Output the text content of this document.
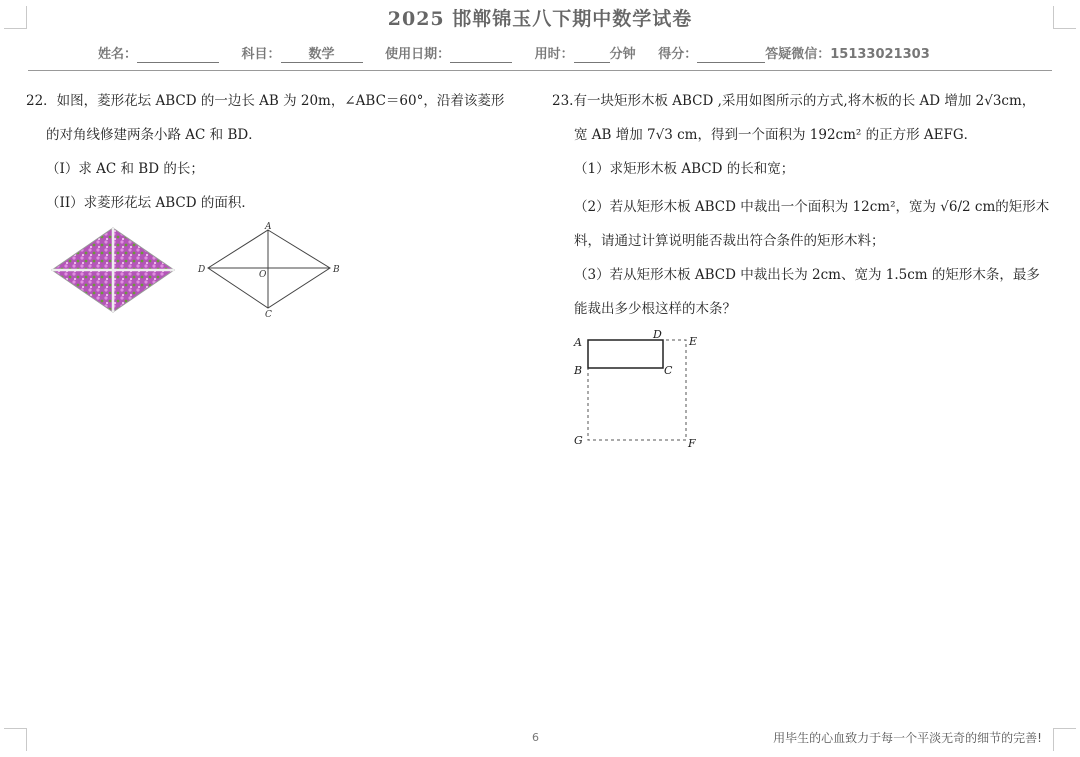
2025 邯郸锦玉八下期中数学试卷
姓名：	科目： 数学	使用日期：	用时：	分钟 得分：	答疑微信：15133021303

22．如图，菱形花坛 ABCD 的一边长 AB 为 20m，∠ABC＝60°，沿着该菱形

的对角线修建两条小路 AC 和 BD．

（I）求 AC 和 BD 的长；

（II）求菱形花坛 ABCD 的面积．

A
B
C
D	O

23.有一块矩形木板 ABCD ,采用如图所示的方式,将木板的长 AD 增加 2√3cm，

宽 AB 增加 7√3 cm，得到一个面积为 192cm² 的正方形 AEFG．

（1）求矩形木板 ABCD 的长和宽；

（2）若从矩形木板 ABCD 中裁出一个面积为 12cm²，宽为 √6/2 cm的矩形木

料，请通过计算说明能否裁出符合条件的矩形木料；

（3）若从矩形木板 ABCD 中裁出长为 2cm、宽为 1.5cm 的矩形木条，最多

能裁出多少根这样的木条？

A
D
E
B	C
G	F
6	用毕生的心血致力于每一个平淡无奇的细节的完善!
